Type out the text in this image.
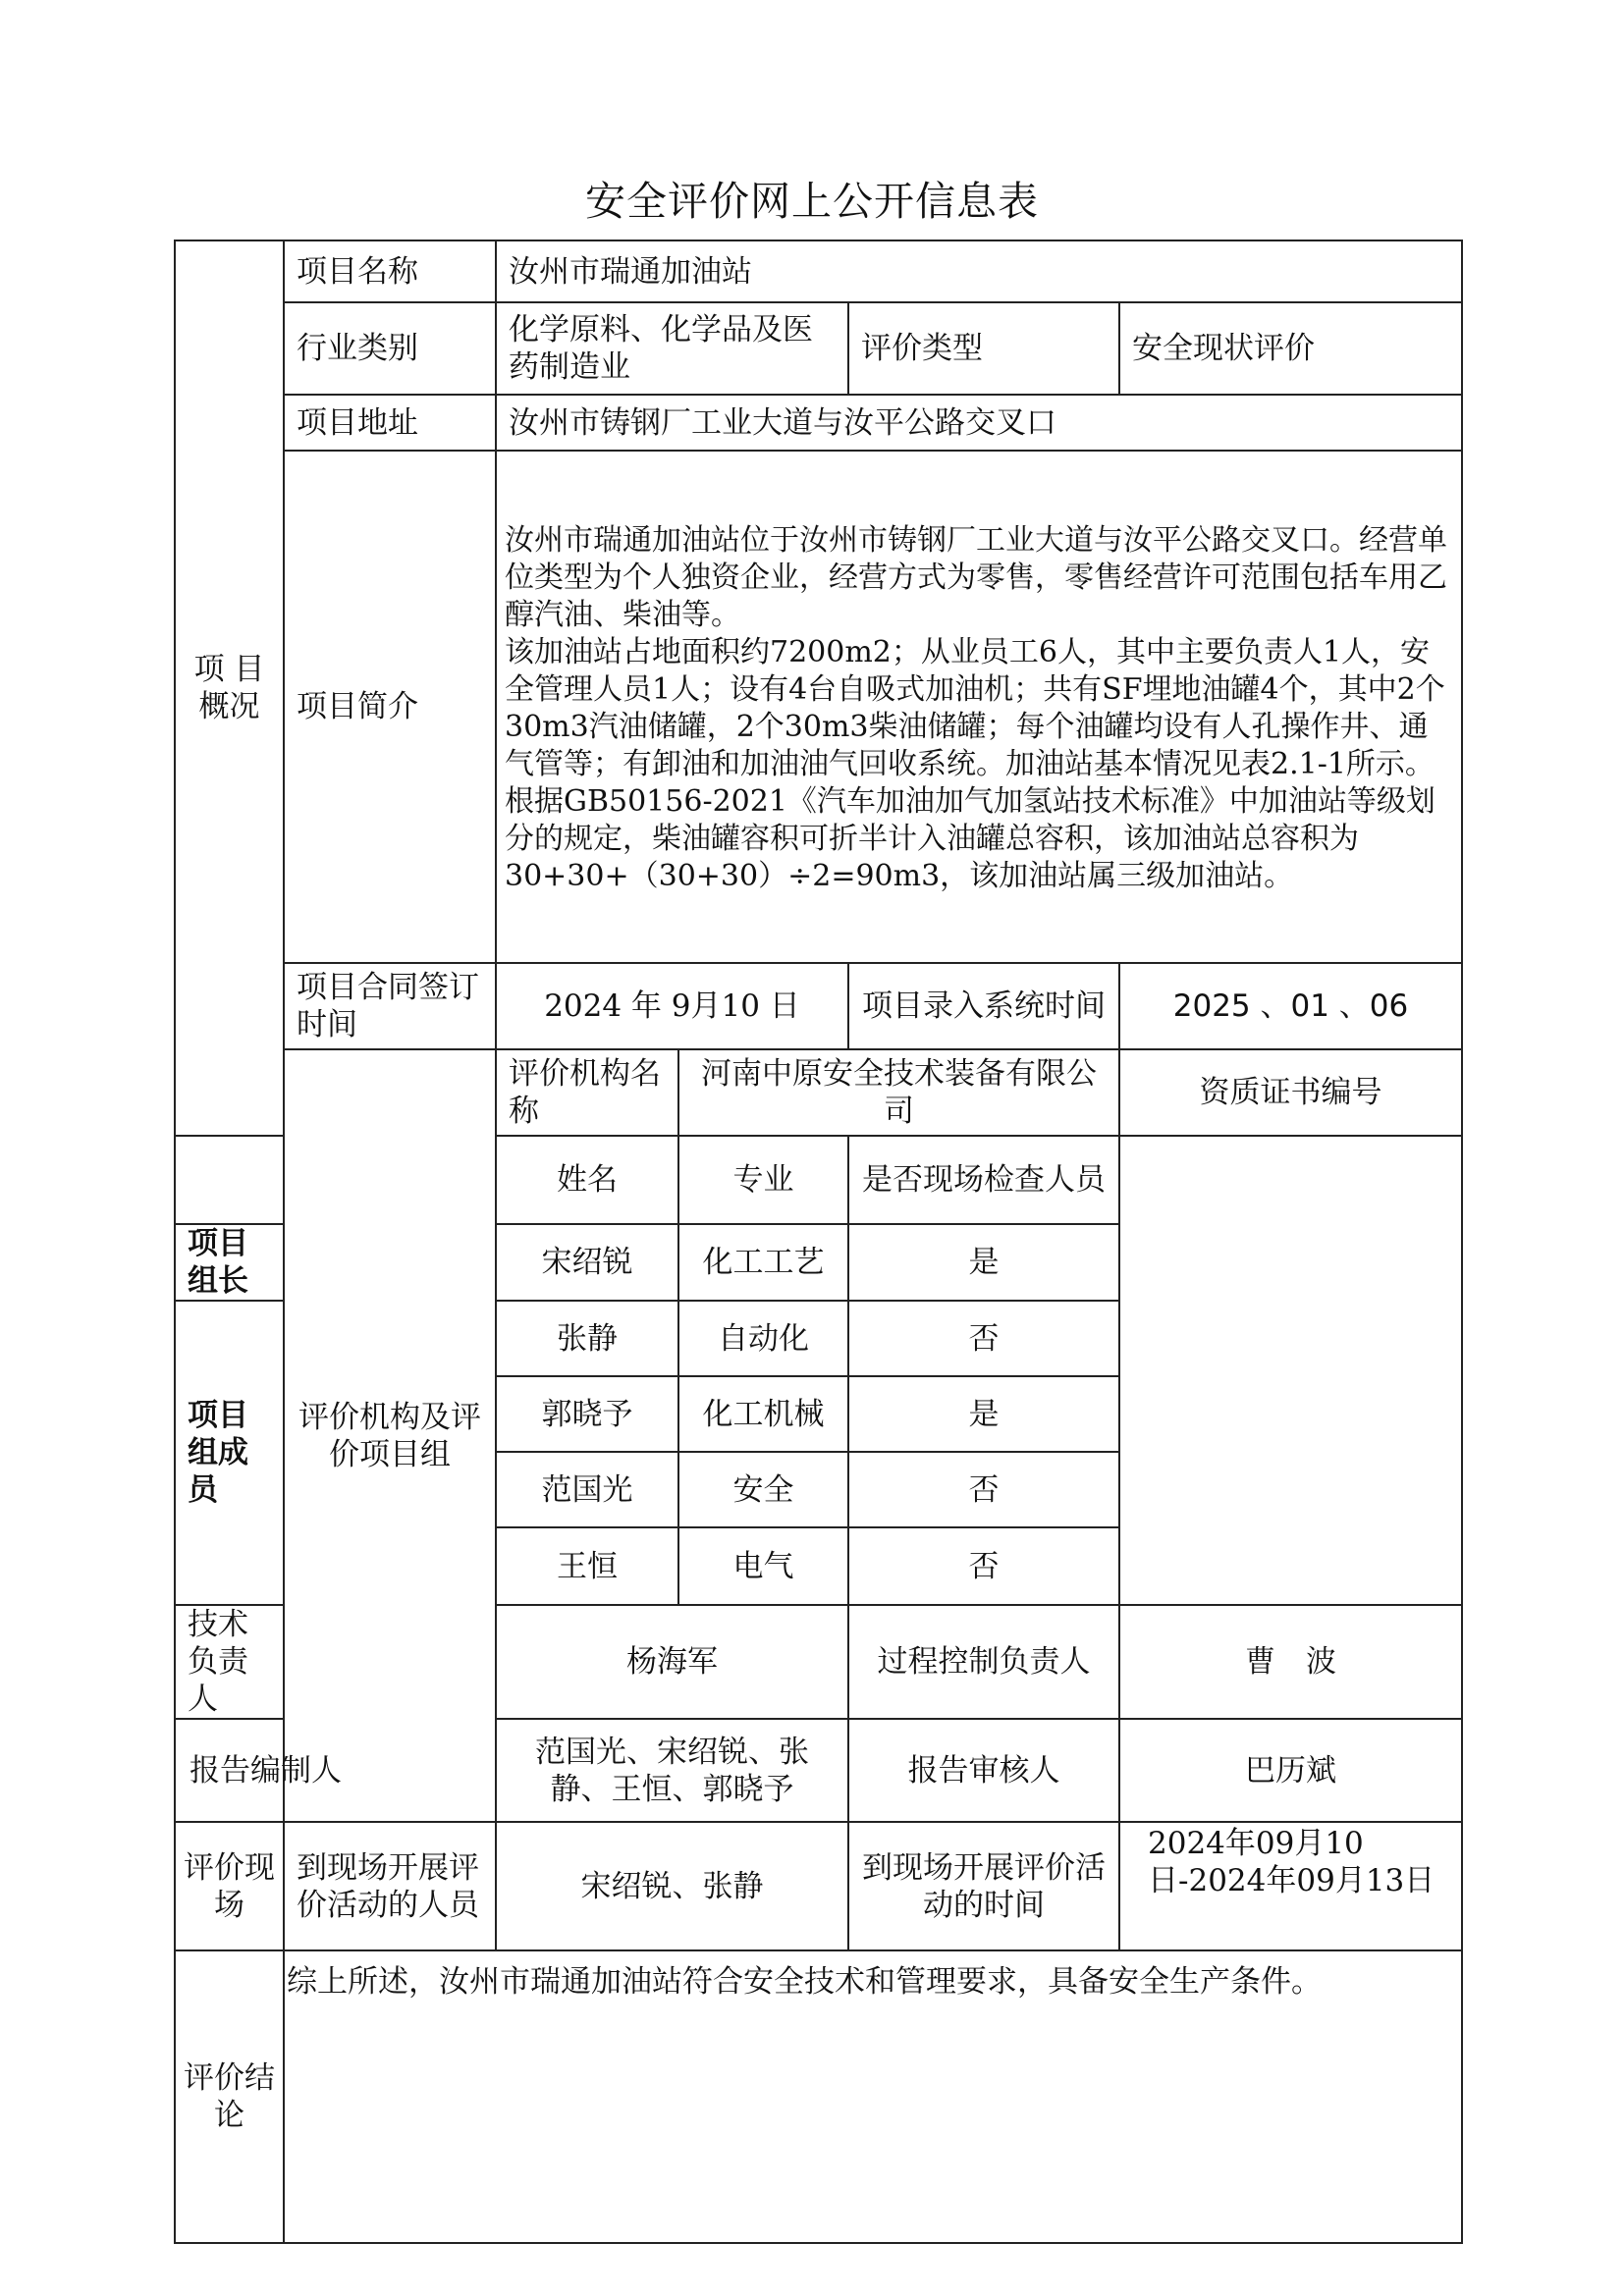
安全评价网上公开信息表
项 目概况	项目名称	汝州市瑞通加油站				
	行业类别	化学原料、化学品及医药制造业		评价类型	安全现状评价	
	项目地址	汝州市铸钢厂工业大道与汝平公路交叉口				
	项目简介	汝州市瑞通加油站位于汝州市铸钢厂工业大道与汝平公路交叉口。经营单位类型为个人独资企业，经营方式为零售，零售经营许可范围包括车用乙醇汽油、柴油等。
该加油站占地面积约7200m2；从业员工6人，其中主要负责人1人，安全管理人员1人；设有4台自吸式加油机；共有SF埋地油罐4个，其中2个30m3汽油储罐，2个30m3柴油储罐；每个油罐均设有人孔操作井、通气管等；有卸油和加油油气回收系统。加油站基本情况见表2.1-1所示。
根据GB50156-2021《汽车加油加气加氢站技术标准》中加油站等级划分的规定，柴油罐容积可折半计入油罐总容积，该加油站总容积为30+30+（30+30）÷2=90m3，该加油站属三级加油站。				

	项目合同签订时间	2024 年 9月10 日		项目录入系统时间	2025 、01 、06	
	评价机构及评价项目组	评价机构名称	河南中原安全技术装备有限公司		资质证书编号	
		姓名	专业	是否现场检查人员		
项目组长		宋绍锐	化工工艺	是		
项目组成员		张静	自动化	否		
		郭晓予	化工机械	是		
		范国光	安全	否		
		王恒	电气	否		
技术负责人		杨海军		过程控制负责人	曹　波	
报告编制人		范国光、宋绍锐、张静、王恒、郭晓予		报告审核人	巴历斌	
评价现场	到现场开展评价活动的人员	宋绍锐、张静		到现场开展评价活动的时间	2024年09月10日-2024年09月13日	
评价结论	综上所述，汝州市瑞通加油站符合安全技术和管理要求，具备安全生产条件。					
